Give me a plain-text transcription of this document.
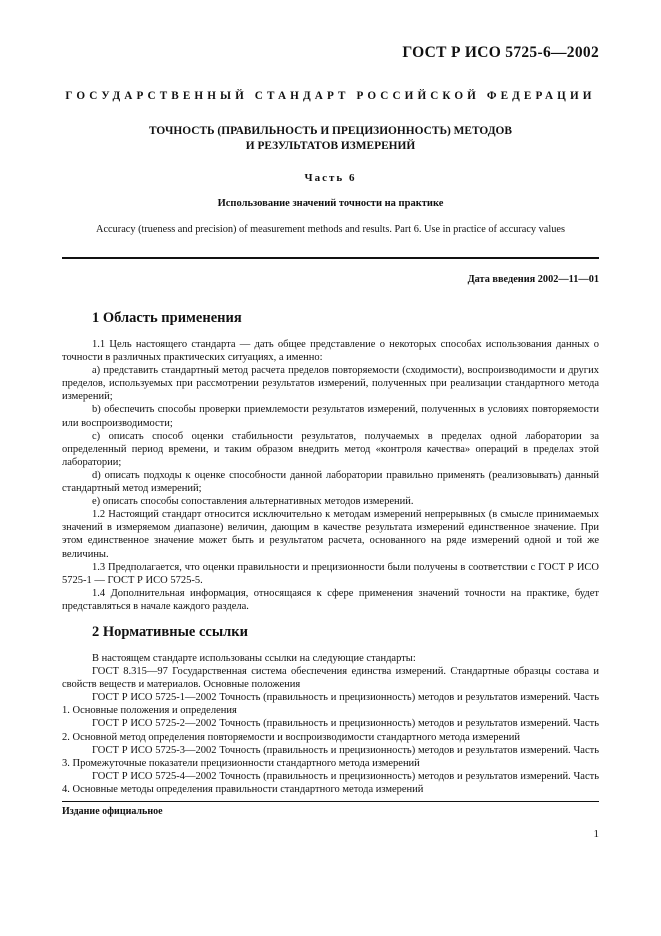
ГОСТ Р ИСО 5725-6—2002
ГОСУДАРСТВЕННЫЙ СТАНДАРТ РОССИЙСКОЙ ФЕДЕРАЦИИ
ТОЧНОСТЬ (ПРАВИЛЬНОСТЬ И ПРЕЦИЗИОННОСТЬ) МЕТОДОВ
И РЕЗУЛЬТАТОВ ИЗМЕРЕНИЙ
Часть 6
Использование значений точности на практике
Accuracy (trueness and precision) of measurement methods and results. Part 6. Use in practice of accuracy values
Дата введения 2002—11—01
1 Область применения

1.1 Цель настоящего стандарта — дать общее представление о некоторых способах использования данных о точности в различных практических ситуациях, а именно:

a) представить стандартный метод расчета пределов повторяемости (сходимости), воспроизводимости и других пределов, используемых при рассмотрении результатов измерений, полученных при реализации стандартного метода измерений;

b) обеспечить способы проверки приемлемости результатов измерений, полученных в условиях повторяемости или воспроизводимости;

c) описать способ оценки стабильности результатов, получаемых в пределах одной лаборатории за определенный период времени, и таким образом внедрить метод «контроля качества» операций в пределах этой лаборатории;

d) описать подходы к оценке способности данной лаборатории правильно применять (реализовывать) данный стандартный метод измерений;

e) описать способы сопоставления альтернативных методов измерений.

1.2 Настоящий стандарт относится исключительно к методам измерений непрерывных (в смысле принимаемых значений в измеряемом диапазоне) величин, дающим в качестве результата измерений единственное значение. При этом единственное значение может быть и результатом расчета, основанного на ряде измерений одной и той же величины.

1.3 Предполагается, что оценки правильности и прецизионности были получены в соответствии с ГОСТ Р ИСО 5725-1 — ГОСТ Р ИСО 5725-5.

1.4 Дополнительная информация, относящаяся к сфере применения значений точности на практике, будет представляться в начале каждого раздела.

2 Нормативные ссылки

В настоящем стандарте использованы ссылки на следующие стандарты:

ГОСТ 8.315—97 Государственная система обеспечения единства измерений. Стандартные образцы состава и свойств веществ и материалов. Основные положения

ГОСТ Р ИСО 5725-1—2002 Точность (правильность и прецизионность) методов и результатов измерений. Часть 1. Основные положения и определения

ГОСТ Р ИСО 5725-2—2002 Точность (правильность и прецизионность) методов и результатов измерений. Часть 2. Основной метод определения повторяемости и воспроизводимости стандартного метода измерений

ГОСТ Р ИСО 5725-3—2002 Точность (правильность и прецизионность) методов и результатов измерений. Часть 3. Промежуточные показатели прецизионности стандартного метода измерений

ГОСТ Р ИСО 5725-4—2002 Точность (правильность и прецизионность) методов и результатов измерений. Часть 4. Основные методы определения правильности стандартного метода измерений

Издание официальное
1
